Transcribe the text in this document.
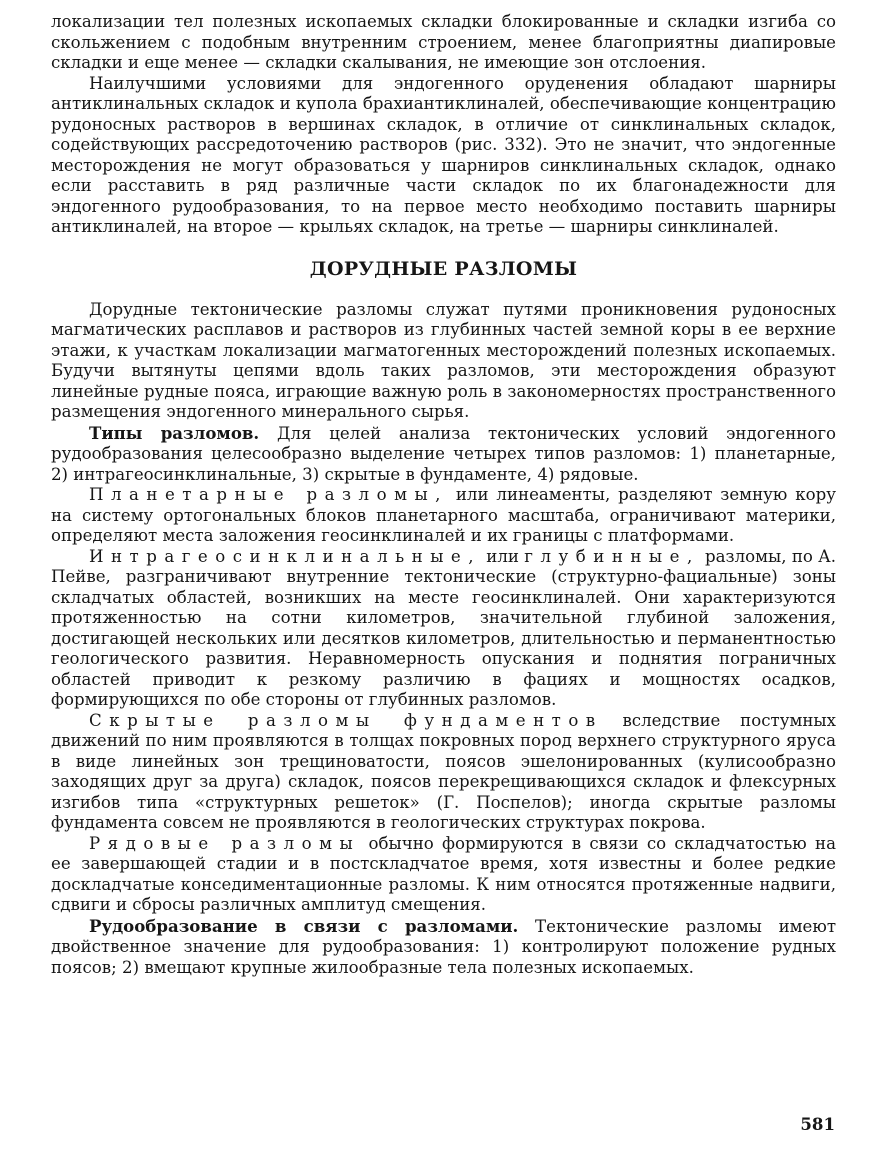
локализации тел полезных ископаемых складки блокированные и складки изгиба со скольжением с подобным внутренним строением, менее благоприятны диапировые складки и еще менее — складки скалывания, не имеющие зон отслоения.

Наилучшими условиями для эндогенного оруденения обладают шарниры антиклинальных складок и купола брахиантиклиналей, обеспечивающие концентрацию рудоносных растворов в вершинах складок, в отличие от синклинальных складок, содействующих рассредоточению растворов (рис. 332). Это не значит, что эндогенные месторождения не могут образоваться у шарниров синклинальных складок, однако если расставить в ряд различные части складок по их благонадежности для эндогенного рудообразования, то на первое место необходимо поставить шарниры антиклиналей, на второе — крыльях складок, на третье — шарниры синклиналей.

ДОРУДНЫЕ РАЗЛОМЫ

Дорудные тектонические разломы служат путями проникновения рудоносных магматических расплавов и растворов из глубинных частей земной коры в ее верхние этажи, к участкам локализации магматогенных месторождений полезных ископаемых. Будучи вытянуты цепями вдоль таких разломов, эти месторождения образуют линейные рудные пояса, играющие важную роль в закономерностях пространственного размещения эндогенного минерального сырья.

Типы разломов. Для целей анализа тектонических условий эндогенного рудообразования целесообразно выделение четырех типов разломов: 1) планетарные, 2) интрагеосинклинальные, 3) скрытые в фундаменте, 4) рядовые.

Планетарные разломы, или линеаменты, разделяют земную кору на систему ортогональных блоков планетарного масштаба, ограничивают материки, определяют места заложения геосинклиналей и их границы с платформами.

Интрагеосинклинальные, или глубинные, разломы, по А. Пейве, разграничивают внутренние тектонические (структурно-фациальные) зоны складчатых областей, возникших на месте геосинклиналей. Они характеризуются протяженностью на сотни километров, значительной глубиной заложения, достигающей нескольких или десятков километров, длительностью и перманентностью геологического развития. Неравномерность опускания и поднятия пограничных областей приводит к резкому различию в фациях и мощностях осадков, формирующихся по обе стороны от глубинных разломов.

Скрытые разломы фундаментов вследствие постумных движений по ним проявляются в толщах покровных пород верхнего структурного яруса в виде линейных зон трещиноватости, поясов эшелонированных (кулисообразно заходящих друг за друга) складок, поясов перекрещивающихся складок и флексурных изгибов типа «структурных решеток» (Г. Поспелов); иногда скрытые разломы фундамента совсем не проявляются в геологических структурах покрова.

Рядовые разломы обычно формируются в связи со складчатостью на ее завершающей стадии и в постскладчатое время, хотя известны и более редкие доскладчатые конседиментационные разломы. К ним относятся протяженные надвиги, сдвиги и сбросы различных амплитуд смещения.

Рудообразование в связи с разломами. Тектонические разломы имеют двойственное значение для рудообразования: 1) контролируют положение рудных поясов; 2) вмещают крупные жилообразные тела полезных ископаемых.

581
